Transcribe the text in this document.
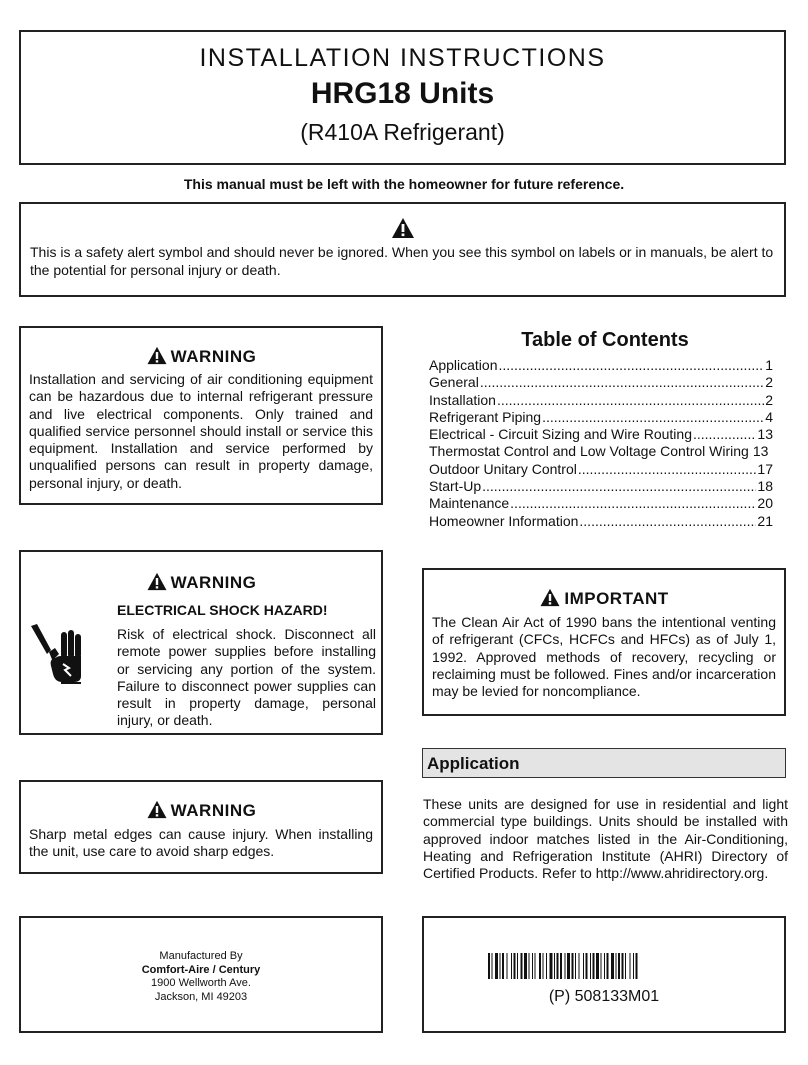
INSTALLATION INSTRUCTIONS
HRG18 Units
(R410A Refrigerant)
This manual must be left with the homeowner for future reference.
This is a safety alert symbol and should never be ignored. When you see this symbol on labels or in manuals, be alert to the potential for personal injury or death.
WARNING
Installation and servicing of air conditioning equipment can be hazardous due to internal refrigerant pressure and live electrical components. Only trained and qualified service personnel should install or service this equipment. Installation and service performed by unqualified persons can result in property damage, personal injury, or death.
Table of Contents
Application .....	1
General .....	2
Installation .....	2
Refrigerant Piping .....	4
Electrical - Circuit Sizing and Wire Routing .....	13
Thermostat Control and Low Voltage Control Wiring 13
Outdoor Unitary Control .....	17
Start-Up .....	18
Maintenance .....	20
Homeowner Information .....	21
WARNING
ELECTRICAL SHOCK HAZARD!
Risk of electrical shock. Disconnect all remote power supplies before installing or servicing any portion of the system. Failure to disconnect power supplies can result in property damage, personal injury, or death.
IMPORTANT
The Clean Air Act of 1990 bans the intentional venting of refrigerant (CFCs, HCFCs and HFCs) as of July 1, 1992. Approved methods of recovery, recycling or reclaiming must be followed. Fines and/or incarceration may be levied for noncompliance.
Application
These units are designed for use in residential and light commercial type buildings. Units should be installed with approved indoor matches listed in the Air-Conditioning, Heating and Refrigeration Institute (AHRI) Directory of Certified Products. Refer to http://www.ahridirectory.org.
WARNING
Sharp metal edges can cause injury. When installing the unit, use care to avoid sharp edges.
Manufactured By
Comfort-Aire / Century
1900 Wellworth Ave.
Jackson, MI 49203	(P) 508133M01
